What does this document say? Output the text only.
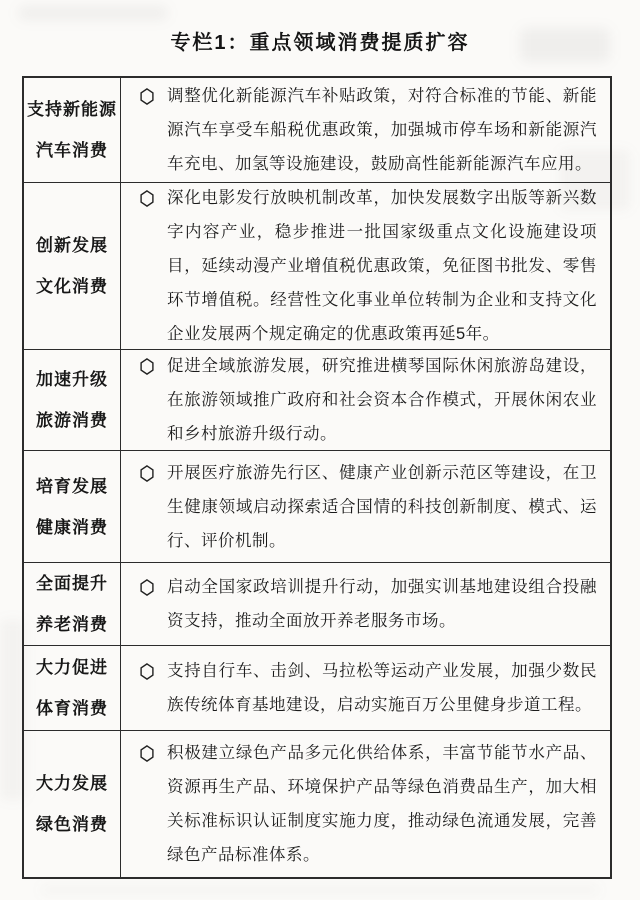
专栏1：重点领域消费提质扩容
支持新能源
汽车消费

调整优化新能源汽车补贴政策，对符合标准的节能、新能源汽车享受车船税优惠政策，加强城市停车场和新能源汽车充电、加氢等设施建设，鼓励高性能新能源汽车应用。

创新发展
文化消费

深化电影发行放映机制改革，加快发展数字出版等新兴数字内容产业，稳步推进一批国家级重点文化设施建设项目，延续动漫产业增值税优惠政策，免征图书批发、零售环节增值税。经营性文化事业单位转制为企业和支持文化企业发展两个规定确定的优惠政策再延5年。

加速升级
旅游消费

促进全域旅游发展，研究推进横琴国际休闲旅游岛建设，在旅游领域推广政府和社会资本合作模式，开展休闲农业和乡村旅游升级行动。

培育发展
健康消费

开展医疗旅游先行区、健康产业创新示范区等建设，在卫生健康领域启动探索适合国情的科技创新制度、模式、运行、评价机制。

全面提升
养老消费

启动全国家政培训提升行动，加强实训基地建设组合投融资支持，推动全面放开养老服务市场。

大力促进
体育消费

支持自行车、击剑、马拉松等运动产业发展，加强少数民族传统体育基地建设，启动实施百万公里健身步道工程。

大力发展
绿色消费

积极建立绿色产品多元化供给体系，丰富节能节水产品、资源再生产品、环境保护产品等绿色消费品生产，加大相关标准标识认证制度实施力度，推动绿色流通发展，完善绿色产品标准体系。
